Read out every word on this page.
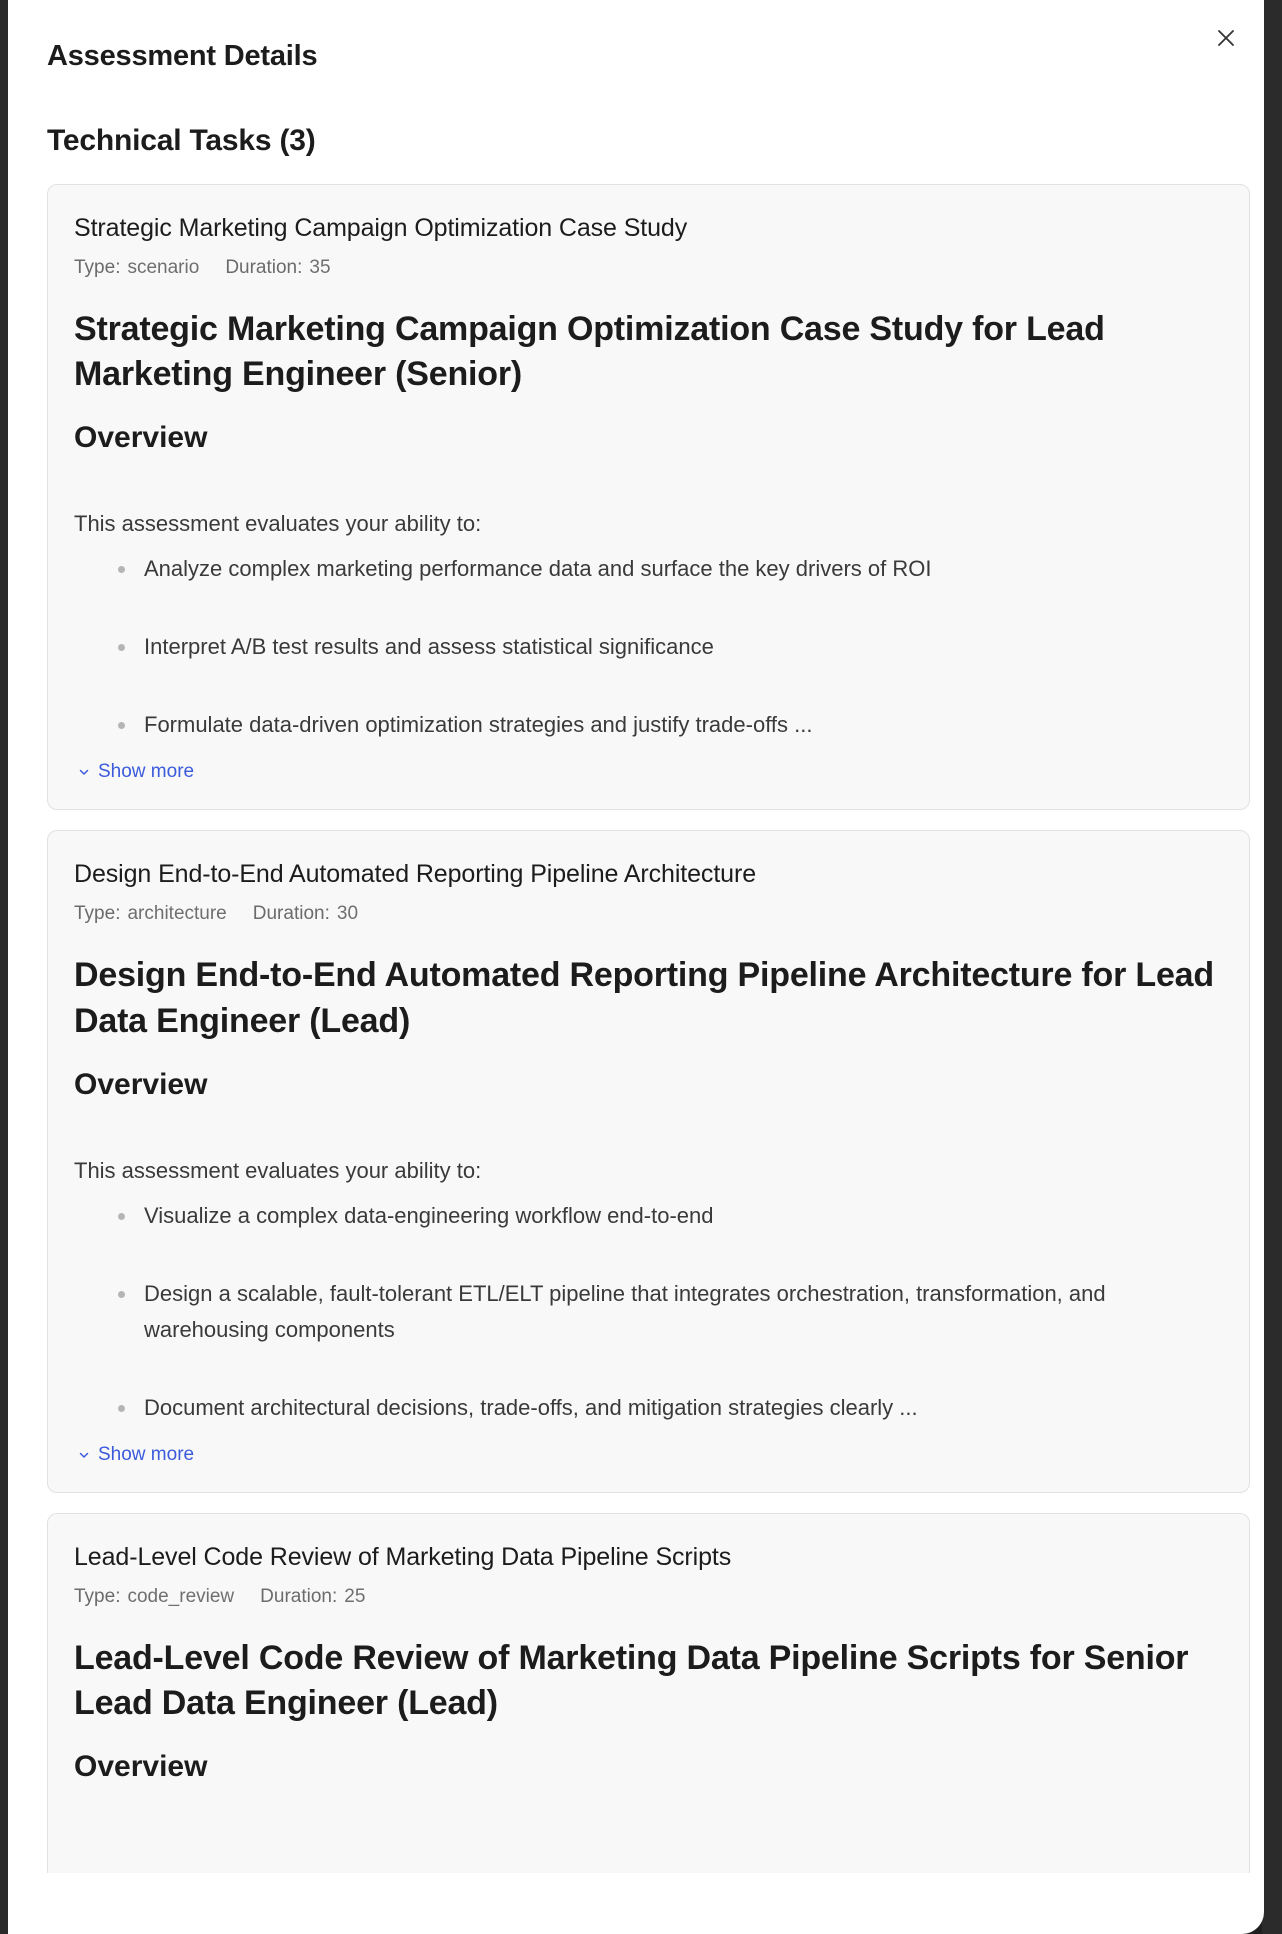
Assessment Details
Technical Tasks (3)
Strategic Marketing Campaign Optimization Case Study
Type: scenario Duration: 35
Strategic Marketing Campaign Optimization Case Study for Lead Marketing Engineer (Senior)
Overview
This assessment evaluates your ability to:
Analyze complex marketing performance data and surface the key drivers of ROI
Interpret A/B test results and assess statistical significance
Formulate data-driven optimization strategies and justify trade-offs ...
Show more
Design End-to-End Automated Reporting Pipeline Architecture
Type: architecture Duration: 30
Design End-to-End Automated Reporting Pipeline Architecture for Lead Data Engineer (Lead)
Overview
This assessment evaluates your ability to:
Visualize a complex data-engineering workflow end-to-end
Design a scalable, fault-tolerant ETL/ELT pipeline that integrates orchestration, transformation, and warehousing components
Document architectural decisions, trade-offs, and mitigation strategies clearly ...
Show more
Lead-Level Code Review of Marketing Data Pipeline Scripts
Type: code_review Duration: 25
Lead-Level Code Review of Marketing Data Pipeline Scripts for Senior Lead Data Engineer (Lead)
Overview
